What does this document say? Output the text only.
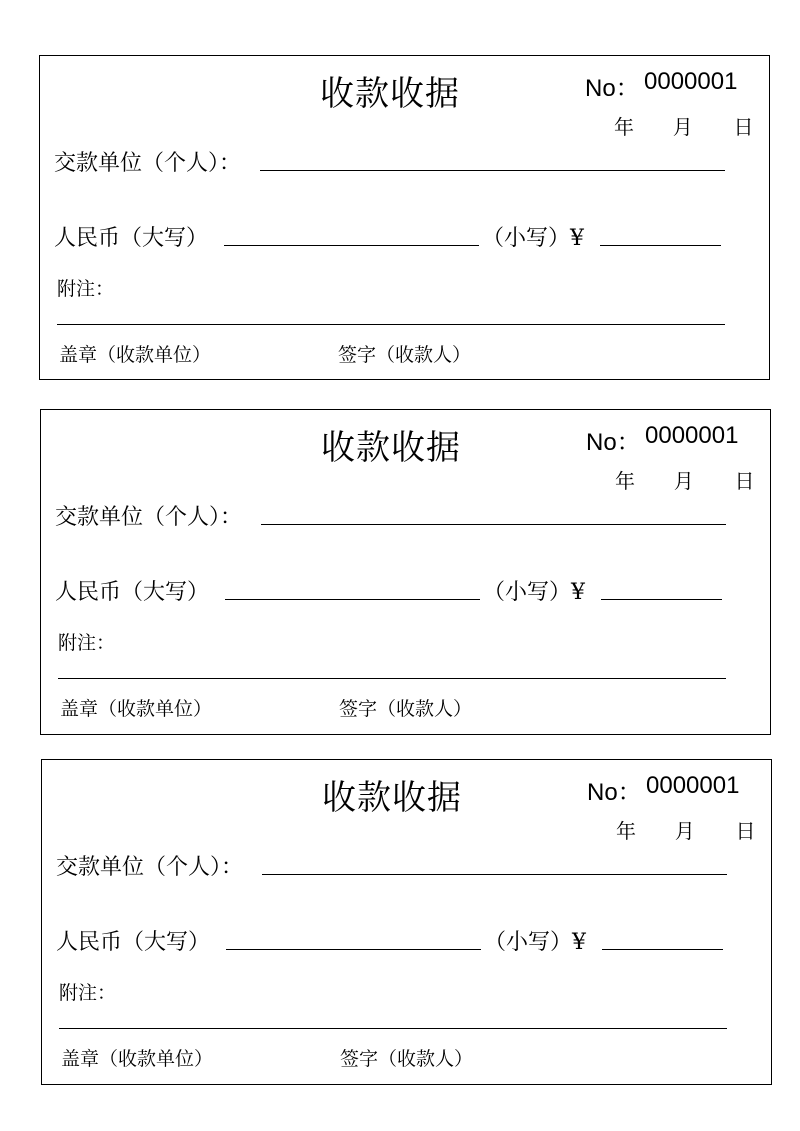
收款收据	No： 0000001
年 月 日
交款单位（个人）：
人民币（大写）	（小写）¥
附注：
盖章（收款单位）	签字（收款人）
收款收据	No： 0000001
年 月 日
交款单位（个人）：
人民币（大写）	（小写）¥
附注：
盖章（收款单位）	签字（收款人）
收款收据	No： 0000001
年 月 日
交款单位（个人）：
人民币（大写）	（小写）¥
附注：
盖章（收款单位）	签字（收款人）
